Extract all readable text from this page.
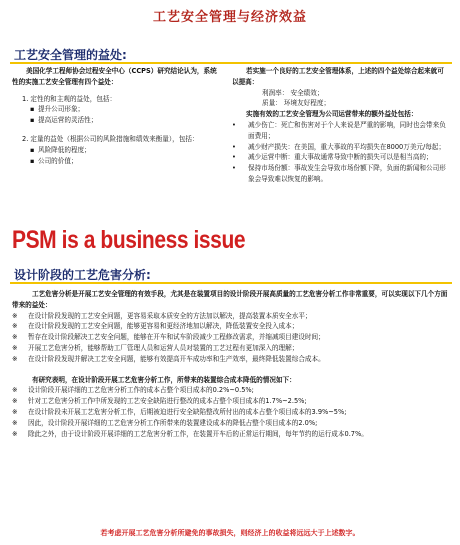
工艺安全管理与经济效益
工艺安全管理的益处:
美国化学工程师协会过程安全中心（CCPS）研究结论认为，系统性的实施工艺安全管理有四个益处：
1. 定性的和主观的益处，包括：
▪ 提升公司形象；
▪ 提高运营的灵活性；
2. 定量的益处（根据公司的风险措施和绩效来衡量），包括：
▪ 风险降低的程度；
▪ 公司的价值；
若实施一个良好的工艺安全管理体系，上述的四个益处综合起来就可以提高：
利润率： 安全绩效；
质量： 环境友好程度；
实施有效的工艺安全管理为公司运营带来的额外益处包括：
•	减少伤亡：死亡和伤害对于个人来说是严重的影响，同时也会带来负面费用；
•	减少财产损失：在美国，重大事故的平均损失在8000万美元/每起；
•	减少运营中断：重大事故通常导致中断的损失可以是相当高的；
•	保持市场份额：事故发生会导致市场份额下降，负面的新闻和公司形象会导致难以恢复的影响。
PSM is a business issue
设计阶段的工艺危害分析:

工艺危害分析是开展工艺安全管理的有效手段，尤其是在装置项目的设计阶段开展高质量的工艺危害分析工作非常重要，可以实现以下几个方面带来的益处：

※	在设计阶段发现的工艺安全问题，更容易采取本质安全的方法加以解决，提高装置本质安全水平；
※	在设计阶段发现的工艺安全问题，能够更容易和更经济地加以解决，降低装置安全投入成本；
※	暂存在设计阶段解决工艺安全问题，能够在开车和试车阶段减少工程修改需求，并缩减项目建设时间；
※	开展工艺危害分析，能够帮助工厂管理人员和运营人员对装置的工艺过程有更加深入的理解；
※	在设计阶段发现并解决工艺安全问题，能够有效提高开车成功率和生产效率，最终降低装置综合成本。

有研究表明，在设计阶段开展工艺危害分析工作，所带来的装置综合成本降低的情况如下：

※	设计阶段开展详细的工艺危害分析工作的成本占整个项目成本的0.2%~0.5%;
※	针对工艺危害分析工作中所发现的工艺安全缺陷进行整改的成本占整个项目成本的1.7%~2.5%;
※	在设计阶段未开展工艺危害分析工作，后期被迫进行安全缺陷整改所付出的成本占整个项目成本的3.9%~5%;
※	因此，设计阶段开展详细的工艺危害分析工作所带来的装置建设成本的降低占整个项目成本的2.0%;
※	除此之外，由于设计阶段开展详细的工艺危害分析工作，在装置开车后的正常运行期间，每年节约的运行成本0.7%。
若考虑开展工艺危害分析所避免的事故损失，则经济上的收益将远远大于上述数字。
